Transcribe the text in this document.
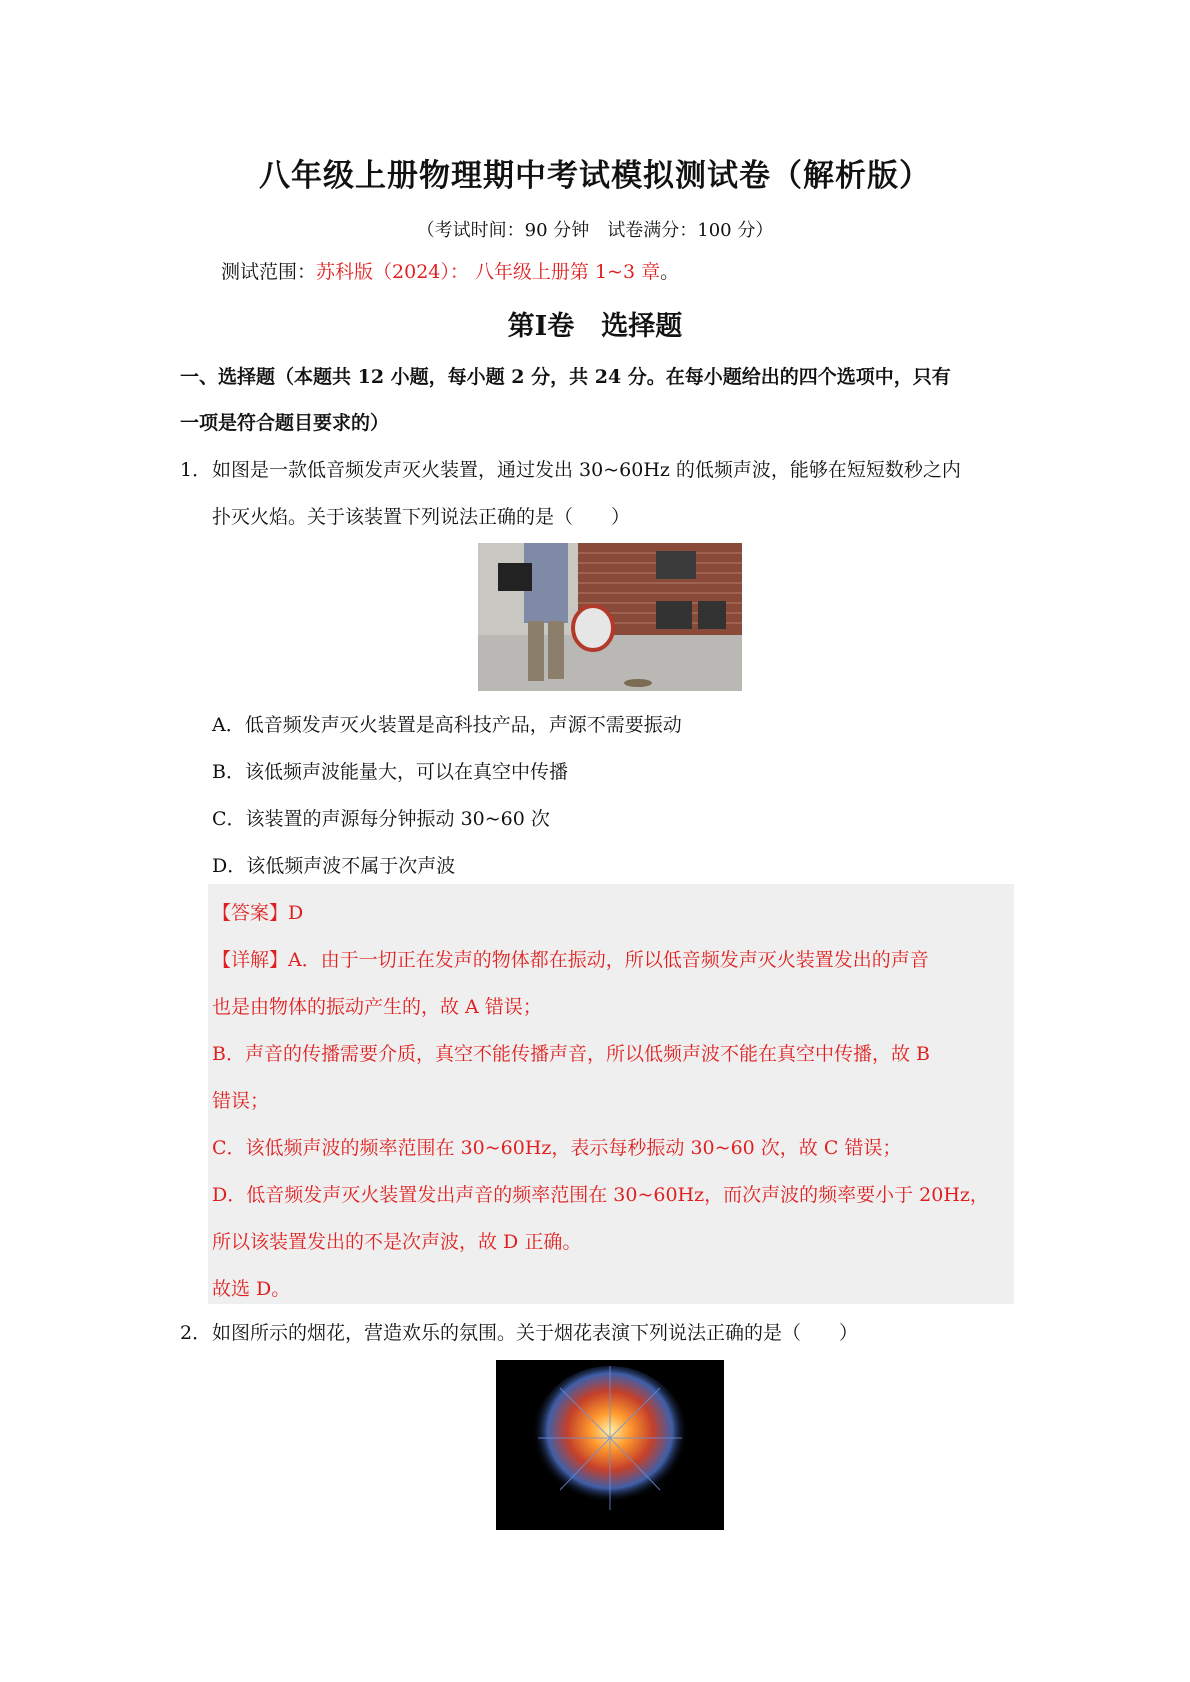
八年级上册物理期中考试模拟测试卷（解析版）
（考试时间：90 分钟　试卷满分：100 分）
测试范围：苏科版（2024）： 八年级上册第 1~3 章。
第Ⅰ卷　选择题
一、选择题（本题共 12 小题，每小题 2 分，共 24 分。在每小题给出的四个选项中，只有
一项是符合题目要求的）
1．如图是一款低音频发声灭火装置，通过发出 30~60Hz 的低频声波，能够在短短数秒之内
扑灭火焰。关于该装置下列说法正确的是（　　）
A．低音频发声灭火装置是高科技产品，声源不需要振动
B．该低频声波能量大，可以在真空中传播
C．该装置的声源每分钟振动 30~60 次
D．该低频声波不属于次声波
【答案】D
【详解】A．由于一切正在发声的物体都在振动，所以低音频发声灭火装置发出的声音
也是由物体的振动产生的，故 A 错误；
B．声音的传播需要介质，真空不能传播声音，所以低频声波不能在真空中传播，故 B
错误；
C．该低频声波的频率范围在 30~60Hz，表示每秒振动 30~60 次，故 C 错误；
D．低音频发声灭火装置发出声音的频率范围在 30~60Hz，而次声波的频率要小于 20Hz，
所以该装置发出的不是次声波，故 D 正确。
故选 D。
2．如图所示的烟花，营造欢乐的氛围。关于烟花表演下列说法正确的是（　　）
